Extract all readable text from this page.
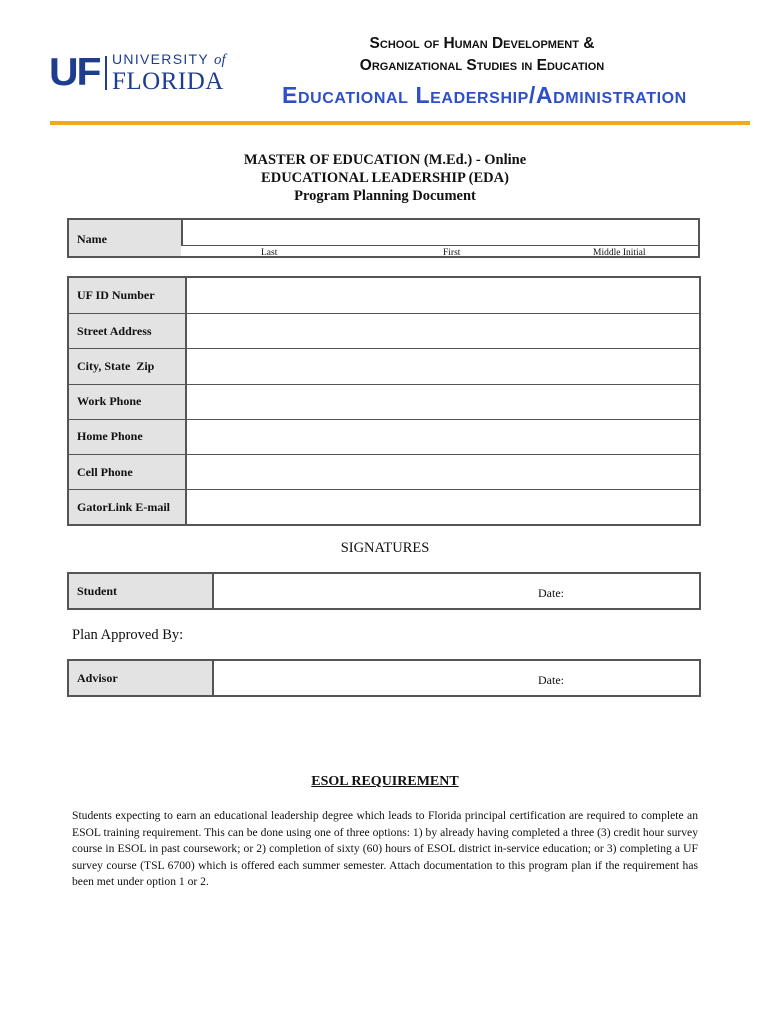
UF UNIVERSITY of
FLORIDA
School of Human Development &
Organizational Studies in Education
Educational Leadership/Administration
MASTER OF EDUCATION (M.Ed.) - Online
EDUCATIONAL LEADERSHIP (EDA)
Program Planning Document
Name
Last	First	Middle Initial
UF ID Number
Street Address
City, State  Zip
Work Phone
Home Phone
Cell Phone
GatorLink E-mail
SIGNATURES
Student	Date:
Plan Approved By:
Advisor	Date:
ESOL REQUIREMENT
Students expecting to earn an educational leadership degree which leads to Florida principal certification are required to complete an ESOL training requirement. This can be done using one of three options: 1) by already having completed a three (3) credit hour survey course in ESOL in past coursework; or 2) completion of sixty (60) hours of ESOL district in-service education; or 3) completing a UF survey course (TSL 6700) which is offered each summer semester. Attach documentation to this program plan if the requirement has been met under option 1 or 2.
